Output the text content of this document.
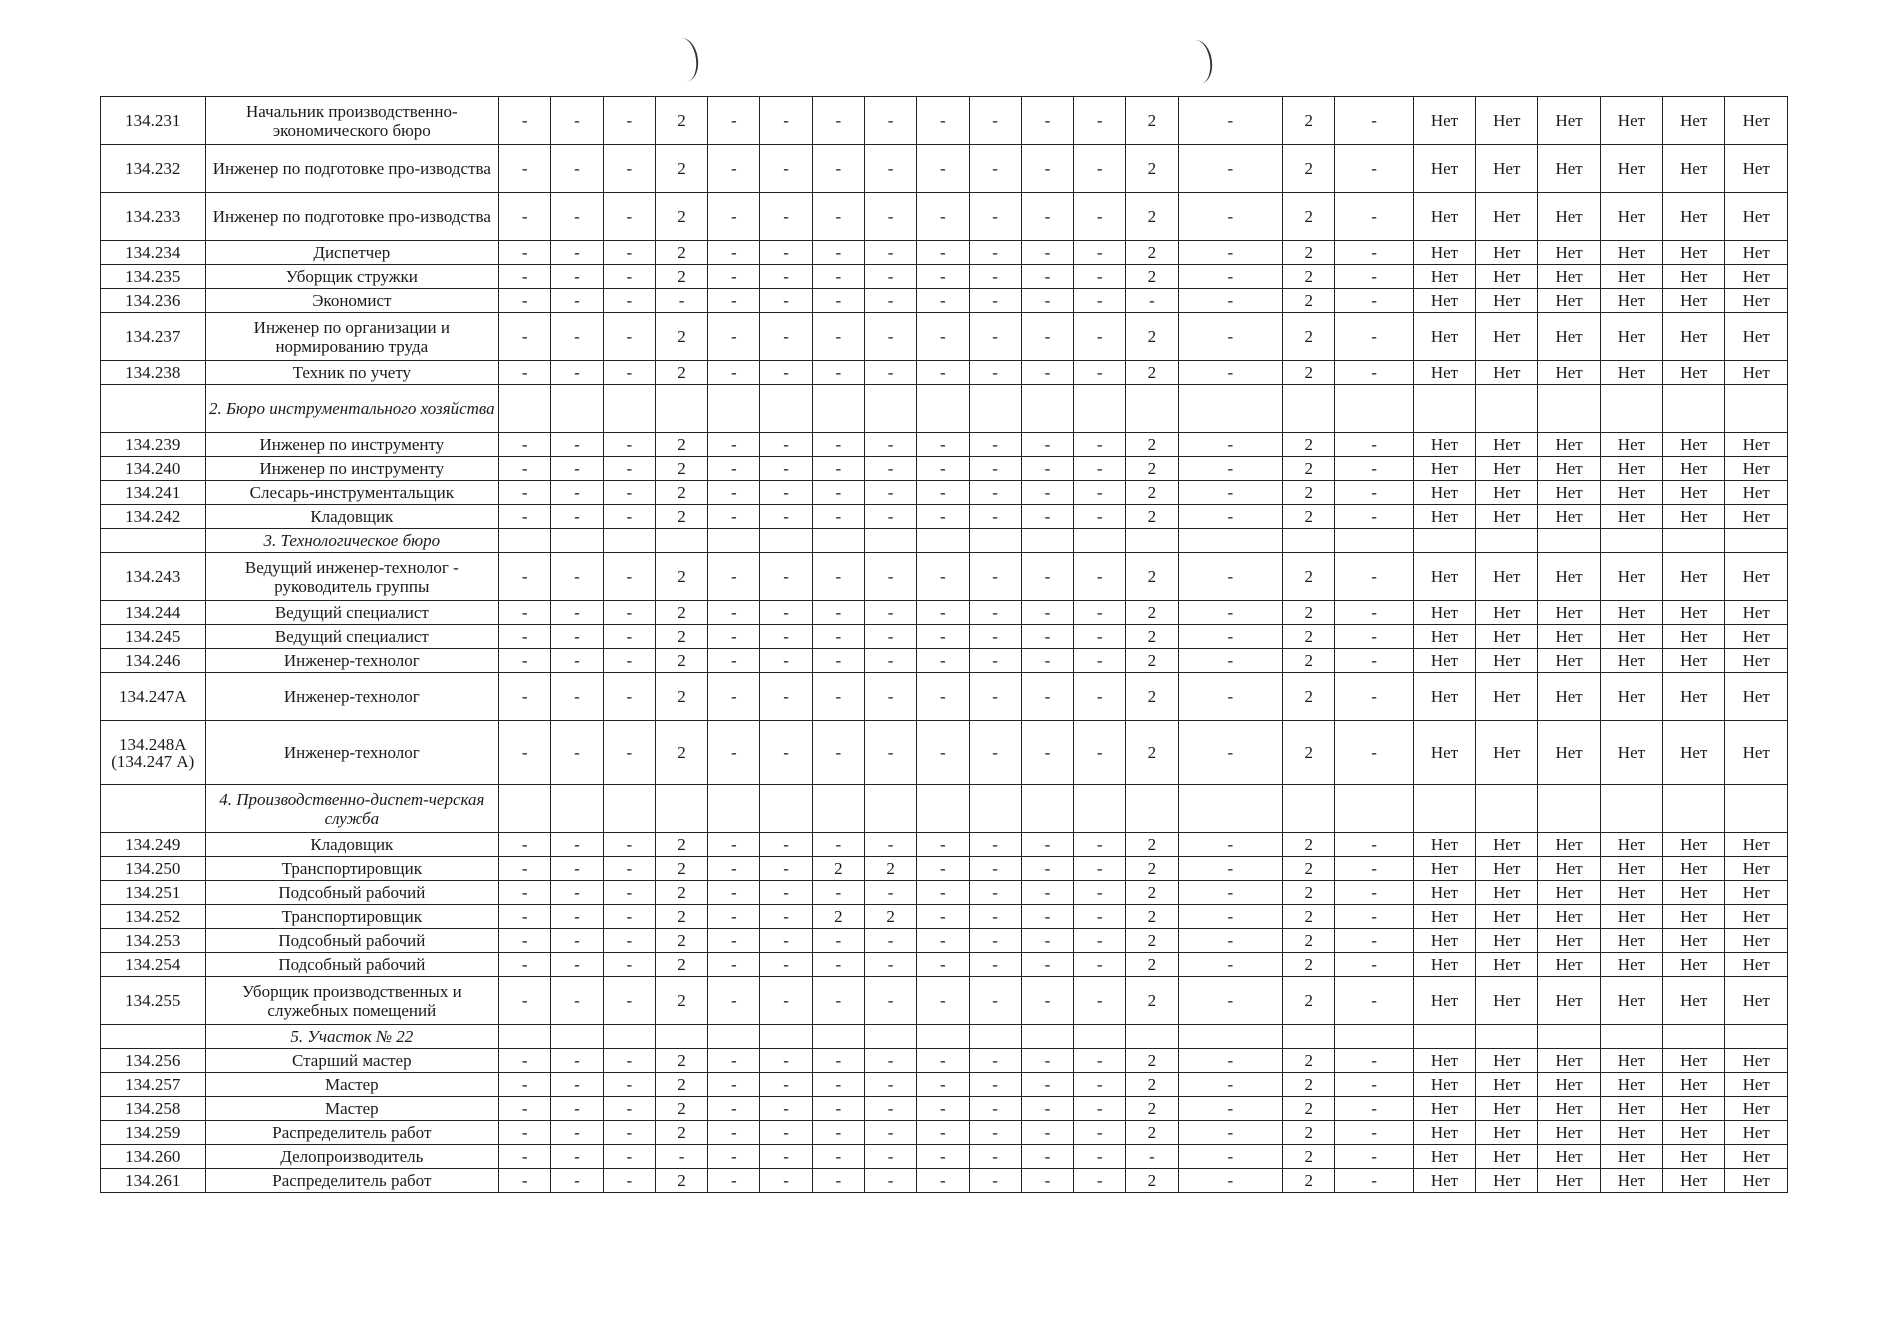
134.231	Начальник производственно-экономического бюро	-	-	-	2	-	-	-	-	-	-	-	-	2	-	2	-	Нет	Нет	Нет	Нет	Нет	Нет
134.232	Инженер по подготовке про-изводства	-	-	-	2	-	-	-	-	-	-	-	-	2	-	2	-	Нет	Нет	Нет	Нет	Нет	Нет
134.233	Инженер по подготовке про-изводства	-	-	-	2	-	-	-	-	-	-	-	-	2	-	2	-	Нет	Нет	Нет	Нет	Нет	Нет
134.234	Диспетчер	-	-	-	2	-	-	-	-	-	-	-	-	2	-	2	-	Нет	Нет	Нет	Нет	Нет	Нет
134.235	Уборщик стружки	-	-	-	2	-	-	-	-	-	-	-	-	2	-	2	-	Нет	Нет	Нет	Нет	Нет	Нет
134.236	Экономист	-	-	-	-	-	-	-	-	-	-	-	-	-	-	2	-	Нет	Нет	Нет	Нет	Нет	Нет
134.237	Инженер по организации и нормированию труда	-	-	-	2	-	-	-	-	-	-	-	-	2	-	2	-	Нет	Нет	Нет	Нет	Нет	Нет
134.238	Техник по учету	-	-	-	2	-	-	-	-	-	-	-	-	2	-	2	-	Нет	Нет	Нет	Нет	Нет	Нет
	2. Бюро инструментального хозяйства																						
134.239	Инженер по инструменту	-	-	-	2	-	-	-	-	-	-	-	-	2	-	2	-	Нет	Нет	Нет	Нет	Нет	Нет
134.240	Инженер по инструменту	-	-	-	2	-	-	-	-	-	-	-	-	2	-	2	-	Нет	Нет	Нет	Нет	Нет	Нет
134.241	Слесарь-инструментальщик	-	-	-	2	-	-	-	-	-	-	-	-	2	-	2	-	Нет	Нет	Нет	Нет	Нет	Нет
134.242	Кладовщик	-	-	-	2	-	-	-	-	-	-	-	-	2	-	2	-	Нет	Нет	Нет	Нет	Нет	Нет
	3. Технологическое бюро																						
134.243	Ведущий инженер-технолог - руководитель группы	-	-	-	2	-	-	-	-	-	-	-	-	2	-	2	-	Нет	Нет	Нет	Нет	Нет	Нет
134.244	Ведущий специалист	-	-	-	2	-	-	-	-	-	-	-	-	2	-	2	-	Нет	Нет	Нет	Нет	Нет	Нет
134.245	Ведущий специалист	-	-	-	2	-	-	-	-	-	-	-	-	2	-	2	-	Нет	Нет	Нет	Нет	Нет	Нет
134.246	Инженер-технолог	-	-	-	2	-	-	-	-	-	-	-	-	2	-	2	-	Нет	Нет	Нет	Нет	Нет	Нет
134.247А	Инженер-технолог	-	-	-	2	-	-	-	-	-	-	-	-	2	-	2	-	Нет	Нет	Нет	Нет	Нет	Нет
134.248А (134.247 А)	Инженер-технолог	-	-	-	2	-	-	-	-	-	-	-	-	2	-	2	-	Нет	Нет	Нет	Нет	Нет	Нет
	4. Производственно-диспет-черская служба																						
134.249	Кладовщик	-	-	-	2	-	-	-	-	-	-	-	-	2	-	2	-	Нет	Нет	Нет	Нет	Нет	Нет
134.250	Транспортировщик	-	-	-	2	-	-	2	2	-	-	-	-	2	-	2	-	Нет	Нет	Нет	Нет	Нет	Нет
134.251	Подсобный рабочий	-	-	-	2	-	-	-	-	-	-	-	-	2	-	2	-	Нет	Нет	Нет	Нет	Нет	Нет
134.252	Транспортировщик	-	-	-	2	-	-	2	2	-	-	-	-	2	-	2	-	Нет	Нет	Нет	Нет	Нет	Нет
134.253	Подсобный рабочий	-	-	-	2	-	-	-	-	-	-	-	-	2	-	2	-	Нет	Нет	Нет	Нет	Нет	Нет
134.254	Подсобный рабочий	-	-	-	2	-	-	-	-	-	-	-	-	2	-	2	-	Нет	Нет	Нет	Нет	Нет	Нет
134.255	Уборщик производственных и служебных помещений	-	-	-	2	-	-	-	-	-	-	-	-	2	-	2	-	Нет	Нет	Нет	Нет	Нет	Нет
	5. Участок № 22																						
134.256	Старший мастер	-	-	-	2	-	-	-	-	-	-	-	-	2	-	2	-	Нет	Нет	Нет	Нет	Нет	Нет
134.257	Мастер	-	-	-	2	-	-	-	-	-	-	-	-	2	-	2	-	Нет	Нет	Нет	Нет	Нет	Нет
134.258	Мастер	-	-	-	2	-	-	-	-	-	-	-	-	2	-	2	-	Нет	Нет	Нет	Нет	Нет	Нет
134.259	Распределитель работ	-	-	-	2	-	-	-	-	-	-	-	-	2	-	2	-	Нет	Нет	Нет	Нет	Нет	Нет
134.260	Делопроизводитель	-	-	-	-	-	-	-	-	-	-	-	-	-	-	2	-	Нет	Нет	Нет	Нет	Нет	Нет
134.261	Распределитель работ	-	-	-	2	-	-	-	-	-	-	-	-	2	-	2	-	Нет	Нет	Нет	Нет	Нет	Нет
